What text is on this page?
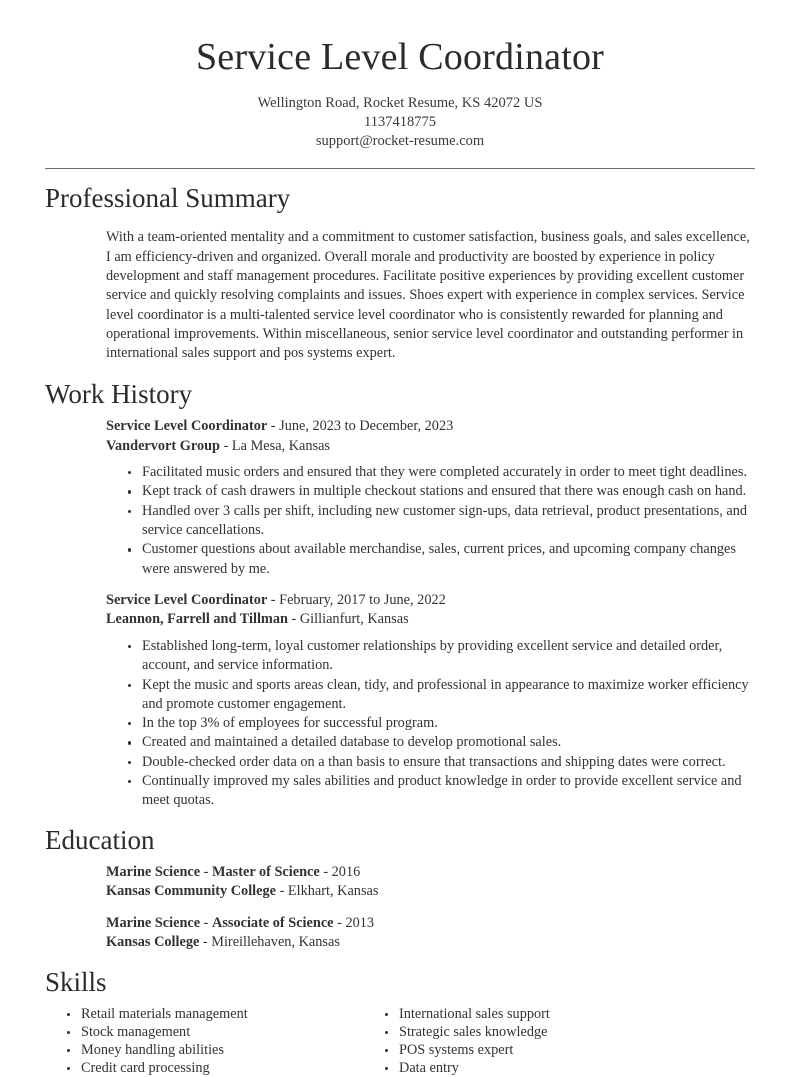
Service Level Coordinator
Wellington Road, Rocket Resume, KS 42072 US
1137418775
support@rocket-resume.com
Professional Summary

With a team-oriented mentality and a commitment to customer satisfaction, business goals, and sales excellence, I am efficiency-driven and organized. Overall morale and productivity are boosted by experience in policy development and staff management procedures. Facilitate positive experiences by providing excellent customer service and quickly resolving complaints and issues. Shoes expert with experience in complex services. Service level coordinator is a multi-talented service level coordinator who is consistently rewarded for planning and operational improvements. Within miscellaneous, senior service level coordinator and outstanding performer in international sales support and pos systems expert.

Work History
Service Level Coordinator - June, 2023 to December, 2023
Vandervort Group - La Mesa, Kansas
Facilitated music orders and ensured that they were completed accurately in order to meet tight deadlines.
Kept track of cash drawers in multiple checkout stations and ensured that there was enough cash on hand.
Handled over 3 calls per shift, including new customer sign-ups, data retrieval, product presentations, and service cancellations.
Customer questions about available merchandise, sales, current prices, and upcoming company changes were answered by me.
Service Level Coordinator - February, 2017 to June, 2022
Leannon, Farrell and Tillman - Gillianfurt, Kansas
Established long-term, loyal customer relationships by providing excellent service and detailed order, account, and service information.
Kept the music and sports areas clean, tidy, and professional in appearance to maximize worker efficiency and promote customer engagement.
In the top 3% of employees for successful program.
Created and maintained a detailed database to develop promotional sales.
Double-checked order data on a than basis to ensure that transactions and shipping dates were correct.
Continually improved my sales abilities and product knowledge in order to provide excellent service and meet quotas.
Education
Marine Science - Master of Science - 2016
Kansas Community College - Elkhart, Kansas
Marine Science - Associate of Science - 2013
Kansas College - Mireillehaven, Kansas
Skills
Retail materials management
Stock management
Money handling abilities
Credit card processing
International sales support
Strategic sales knowledge
POS systems expert
Data entry
